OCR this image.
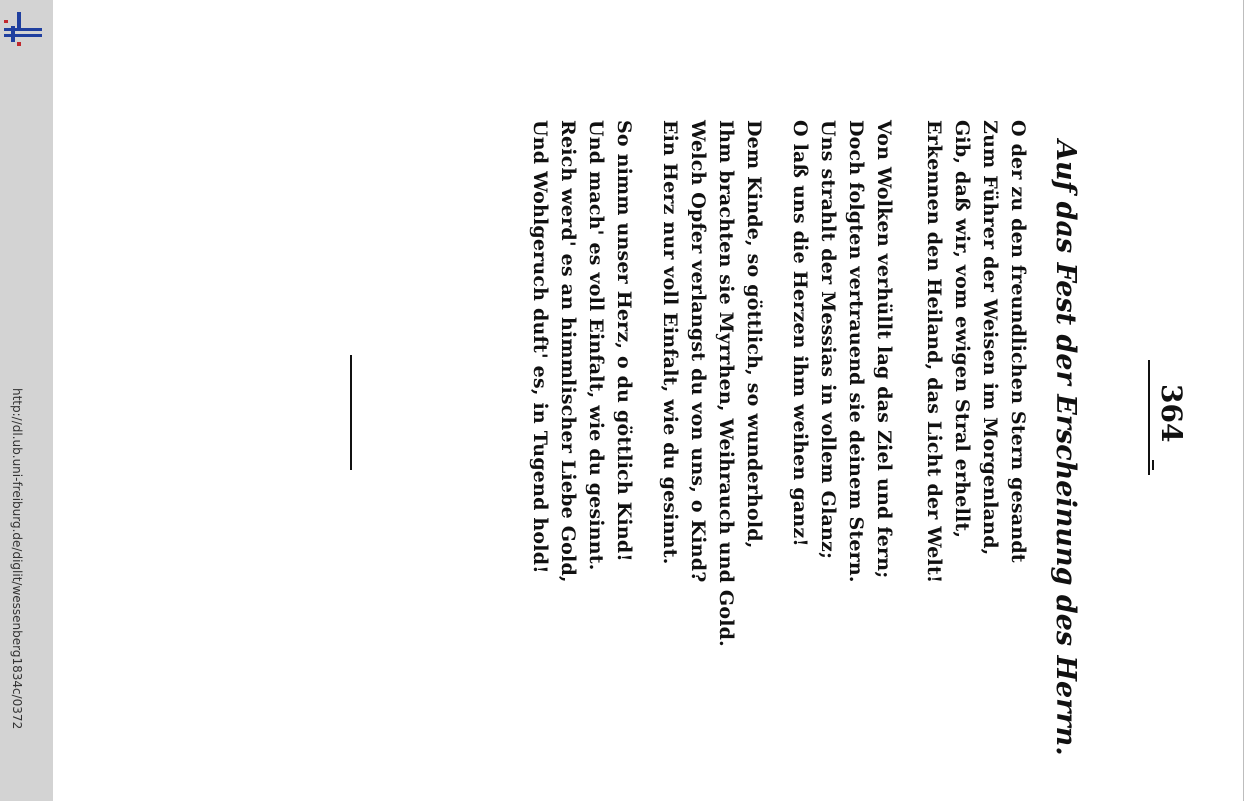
http://dl.ub.uni-freiburg.de/diglit/wessenberg1834c/0372	364
Auf das Fest der Erscheinung des Herrn.
O der zu den freundlichen Stern gesandt
Zum Führer der Weisen im Morgenland,
Gib, daß wir, vom ewigen Stral erhellt,
Erkennen den Heiland, das Licht der Welt!
Von Wolken verhüllt lag das Ziel und fern;
Doch folgten vertrauend sie deinem Stern.
Uns strahlt der Messias in vollem Glanz;
O laß uns die Herzen ihm weihen ganz!
Dem Kinde, so göttlich, so wunderhold,
Ihm brachten sie Myrrhen, Weihrauch und Gold.
Welch Opfer verlangst du von uns, o Kind?
Ein Herz nur voll Einfalt, wie du gesinnt.
So nimm unser Herz, o du göttlich Kind!
Und mach' es voll Einfalt, wie du gesinnt.
Reich werd' es an himmlischer Liebe Gold,
Und Wohlgeruch duft' es, in Tugend hold!
